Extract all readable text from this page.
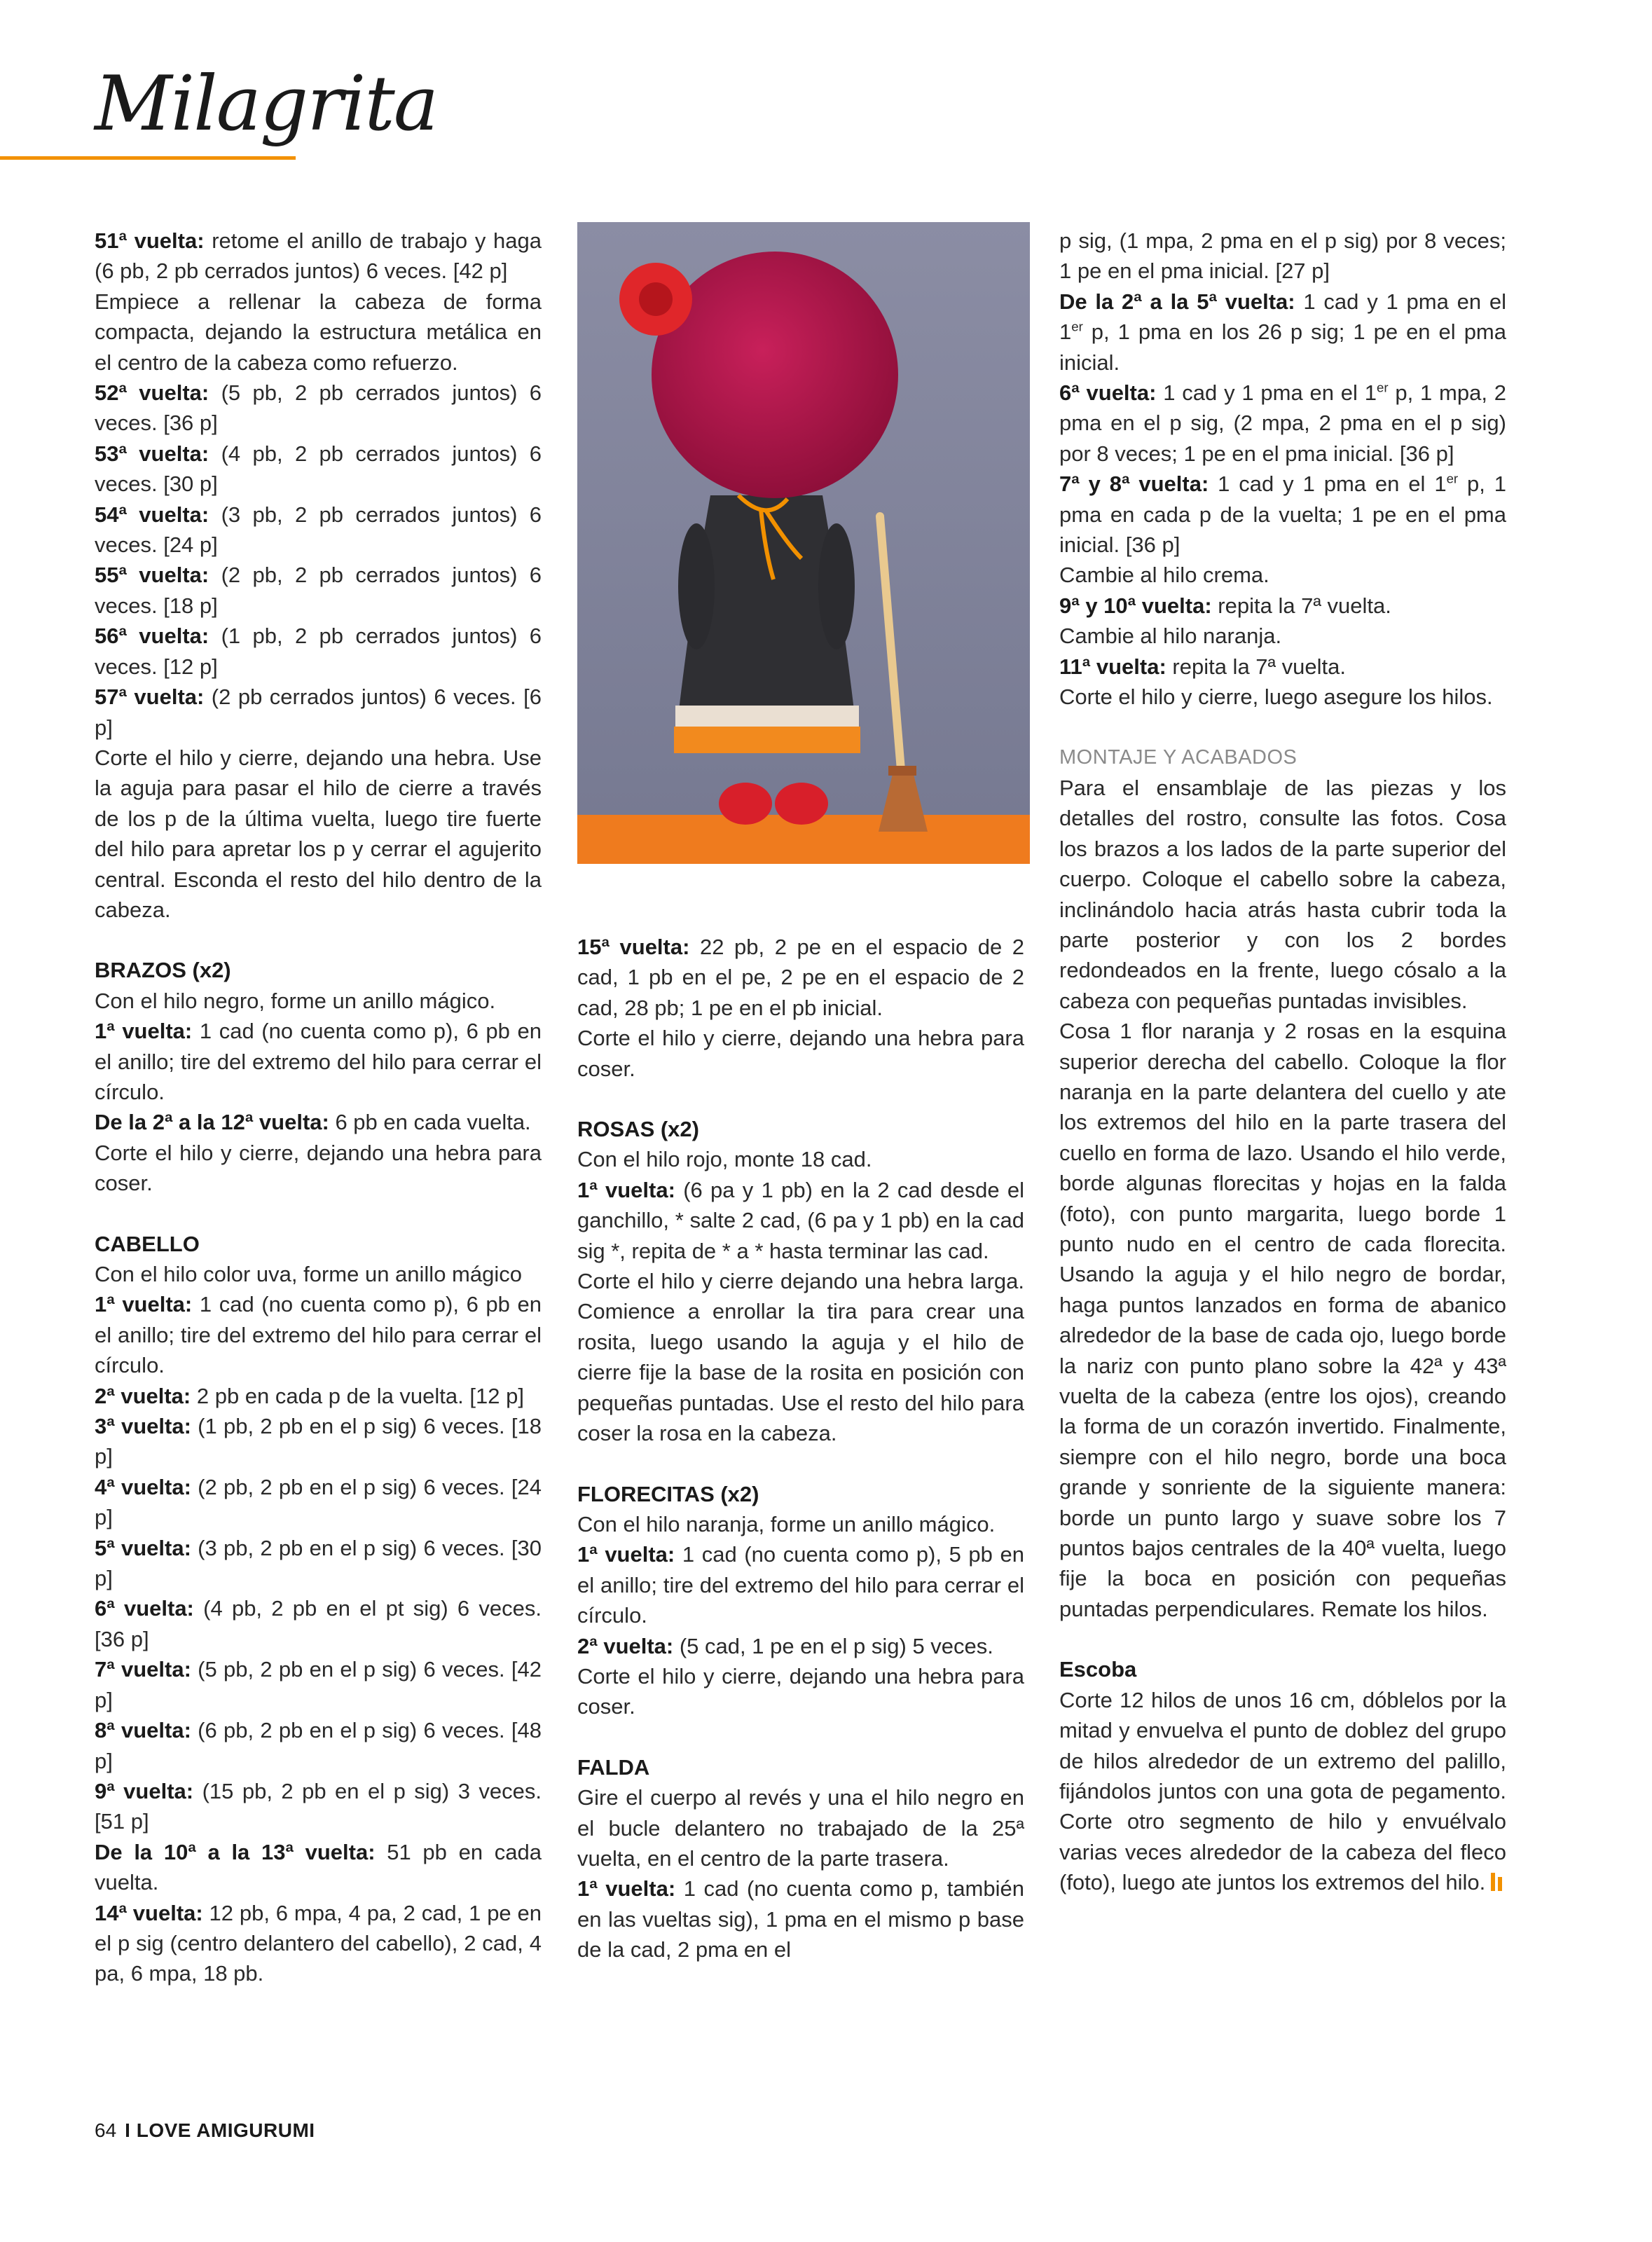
Milagrita

51ª vuelta: retome el anillo de trabajo y haga (6 pb, 2 pb cerrados juntos) 6 veces. [42 p]

Empiece a rellenar la cabeza de forma compacta, dejando la estructura metálica en el centro de la cabeza como refuerzo.

52ª vuelta: (5 pb, 2 pb cerrados juntos) 6 veces. [36 p]

53ª vuelta: (4 pb, 2 pb cerrados juntos) 6 veces. [30 p]

54ª vuelta: (3 pb, 2 pb cerrados juntos) 6 veces. [24 p]

55ª vuelta: (2 pb, 2 pb cerrados juntos) 6 veces. [18 p]

56ª vuelta: (1 pb, 2 pb cerrados juntos) 6 veces. [12 p]

57ª vuelta: (2 pb cerrados juntos) 6 veces. [6 p]

Corte el hilo y cierre, dejando una hebra. Use la aguja para pasar el hilo de cierre a través de los p de la última vuelta, luego tire fuerte del hilo para apretar los p y cerrar el agujerito central. Esconda el resto del hilo dentro de la cabeza.

BRAZOS (x2)

Con el hilo negro, forme un anillo mágico.

1ª vuelta: 1 cad (no cuenta como p), 6 pb en el anillo; tire del extremo del hilo para cerrar el círculo.

De la 2ª a la 12ª vuelta: 6 pb en cada vuelta.

Corte el hilo y cierre, dejando una hebra para coser.

CABELLO

Con el hilo color uva, forme un anillo mágico

1ª vuelta: 1 cad (no cuenta como p), 6 pb en el anillo; tire del extremo del hilo para cerrar el círculo.

2ª vuelta: 2 pb en cada p de la vuelta. [12 p]

3ª vuelta: (1 pb, 2 pb en el p sig) 6 veces. [18 p]

4ª vuelta: (2 pb, 2 pb en el p sig) 6 veces. [24 p]

5ª vuelta: (3 pb, 2 pb en el p sig) 6 veces. [30 p]

6ª vuelta: (4 pb, 2 pb en el pt sig) 6 veces. [36 p]

7ª vuelta: (5 pb, 2 pb en el p sig) 6 veces. [42 p]

8ª vuelta: (6 pb, 2 pb en el p sig) 6 veces. [48 p]

9ª vuelta: (15 pb, 2 pb en el p sig) 3 veces. [51 p]

De la 10ª a la 13ª vuelta: 51 pb en cada vuelta.

14ª vuelta: 12 pb, 6 mpa, 4 pa, 2 cad, 1 pe en el p sig (centro delantero del cabello), 2 cad, 4 pa, 6 mpa, 18 pb.

15ª vuelta: 22 pb, 2 pe en el espacio de 2 cad, 1 pb en el pe, 2 pe en el espacio de 2 cad, 28 pb; 1 pe en el pb inicial.

Corte el hilo y cierre, dejando una hebra para coser.

ROSAS (x2)

Con el hilo rojo, monte 18 cad.

1ª vuelta: (6 pa y 1 pb) en la 2 cad desde el ganchillo, * salte 2 cad, (6 pa y 1 pb) en la cad sig *, repita de * a * hasta terminar las cad.

Corte el hilo y cierre dejando una hebra larga. Comience a enrollar la tira para crear una rosita, luego usando la aguja y el hilo de cierre fije la base de la rosita en posición con pequeñas puntadas. Use el resto del hilo para coser la rosa en la cabeza.

FLORECITAS (x2)

Con el hilo naranja, forme un anillo mágico.

1ª vuelta: 1 cad (no cuenta como p), 5 pb en el anillo; tire del extremo del hilo para cerrar el círculo.

2ª vuelta: (5 cad, 1 pe en el p sig) 5 veces.

Corte el hilo y cierre, dejando una hebra para coser.

FALDA

Gire el cuerpo al revés y una el hilo negro en el bucle delantero no trabajado de la 25ª vuelta, en el centro de la parte trasera.

1ª vuelta: 1 cad (no cuenta como p, también en las vueltas sig), 1 pma en el mismo p base de la cad, 2 pma en el

p sig, (1 mpa, 2 pma en el p sig) por 8 veces; 1 pe en el pma inicial. [27 p]

De la 2ª a la 5ª vuelta: 1 cad y 1 pma en el 1er p, 1 pma en los 26 p sig; 1 pe en el pma inicial.

6ª vuelta: 1 cad y 1 pma en el 1er p, 1 mpa, 2 pma en el p sig, (2 mpa, 2 pma en el p sig) por 8 veces; 1 pe en el pma inicial. [36 p]

7ª y 8ª vuelta: 1 cad y 1 pma en el 1er p, 1 pma en cada p de la vuelta; 1 pe en el pma inicial. [36 p]

Cambie al hilo crema.

9ª y 10ª vuelta: repita la 7ª vuelta.

Cambie al hilo naranja.

11ª vuelta: repita la 7ª vuelta.

Corte el hilo y cierre, luego asegure los hilos.

MONTAJE Y ACABADOS

Para el ensamblaje de las piezas y los detalles del rostro, consulte las fotos. Cosa los brazos a los lados de la parte superior del cuerpo. Coloque el cabello sobre la cabeza, inclinándolo hacia atrás hasta cubrir toda la parte posterior y con los 2 bordes redondeados en la frente, luego cósalo a la cabeza con pequeñas puntadas invisibles.

Cosa 1 flor naranja y 2 rosas en la esquina superior derecha del cabello. Coloque la flor naranja en la parte delantera del cuello y ate los extremos del hilo en la parte trasera del cuello en forma de lazo. Usando el hilo verde, borde algunas florecitas y hojas en la falda (foto), con punto margarita, luego borde 1 punto nudo en el centro de cada florecita. Usando la aguja y el hilo negro de bordar, haga puntos lanzados en forma de abanico alrededor de la base de cada ojo, luego borde la nariz con punto plano sobre la 42ª y 43ª vuelta de la cabeza (entre los ojos), creando la forma de un corazón invertido. Finalmente, siempre con el hilo negro, borde una boca grande y sonriente de la siguiente manera: borde un punto largo y suave sobre los 7 puntos bajos centrales de la 40ª vuelta, luego fije la boca en posición con pequeñas puntadas perpendiculares. Remate los hilos.

Escoba

Corte 12 hilos de unos 16 cm, dóblelos por la mitad y envuelva el punto de doblez del grupo de hilos alrededor de un extremo del palillo, fijándolos juntos con una gota de pegamento. Corte otro segmento de hilo y envuélvalo varias veces alrededor de la cabeza del fleco (foto), luego ate juntos los extremos del hilo.

64 I LOVE AMIGURUMI
